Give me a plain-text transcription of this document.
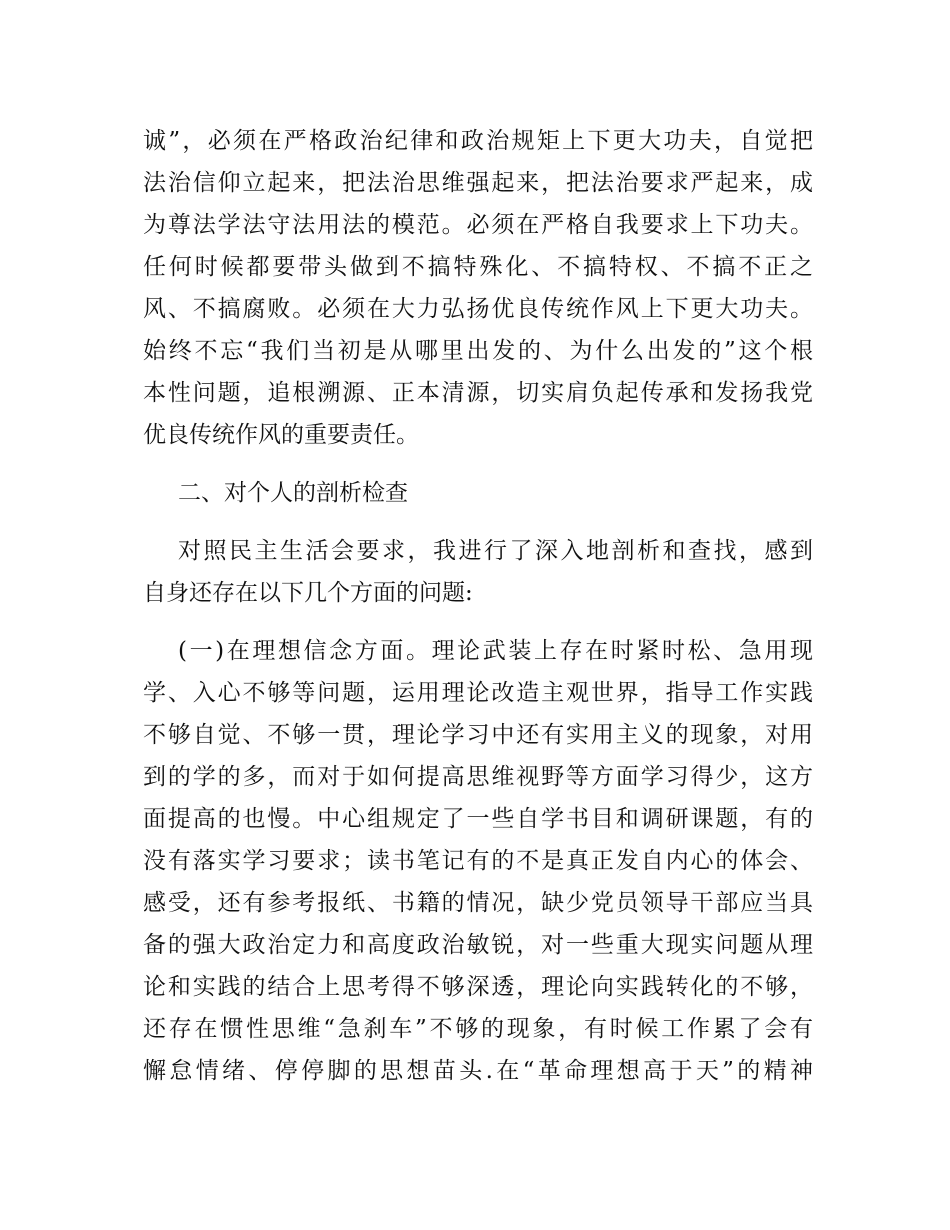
诚”，必须在严格政治纪律和政治规矩上下更大功夫，自觉把
法治信仰立起来，把法治思维强起来，把法治要求严起来，成
为尊法学法守法用法的模范。必须在严格自我要求上下功夫。
任何时候都要带头做到不搞特殊化、不搞特权、不搞不正之
风、不搞腐败。必须在大力弘扬优良传统作风上下更大功夫。
始终不忘“我们当初是从哪里出发的、为什么出发的”这个根
本性问题，追根溯源、正本清源，切实肩负起传承和发扬我党
优良传统作风的重要责任。
二、对个人的剖析检查
对照民主生活会要求，我进行了深入地剖析和查找，感到
自身还存在以下几个方面的问题:
(一)在理想信念方面。理论武装上存在时紧时松、急用现
学、入心不够等问题，运用理论改造主观世界，指导工作实践
不够自觉、不够一贯，理论学习中还有实用主义的现象，对用
到的学的多，而对于如何提高思维视野等方面学习得少，这方
面提高的也慢。中心组规定了一些自学书目和调研课题，有的
没有落实学习要求；读书笔记有的不是真正发自内心的体会、
感受，还有参考报纸、书籍的情况，缺少党员领导干部应当具
备的强大政治定力和高度政治敏锐，对一些重大现实问题从理
论和实践的结合上思考得不够深透，理论向实践转化的不够，
还存在惯性思维“急刹车”不够的现象，有时候工作累了会有
懈怠情绪、停停脚的思想苗头.在“革命理想高于天”的精神
